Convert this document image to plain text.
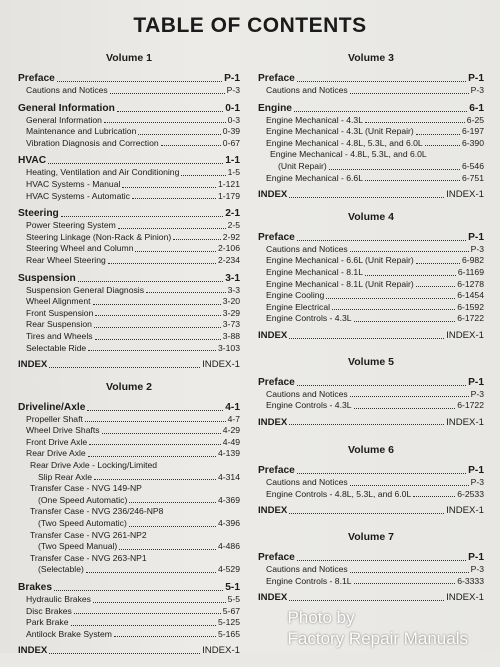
TABLE OF CONTENTS
Volume 1
Preface	P-1
Cautions and Notices	P-3
General Information	0-1
General Information	0-3
Maintenance and Lubrication	0-39
Vibration Diagnosis and Correction	0-67
HVAC	1-1
Heating, Ventilation and Air Conditioning	1-5
HVAC Systems - Manual	1-121
HVAC Systems - Automatic	1-179
Steering	2-1
Power Steering System	2-5
Steering Linkage (Non-Rack & Pinion)	2-92
Steering Wheel and Column	2-106
Rear Wheel Steering	2-234
Suspension	3-1
Suspension General Diagnosis	3-3
Wheel Alignment	3-20
Front Suspension	3-29
Rear Suspension	3-73
Tires and Wheels	3-88
Selectable Ride	3-103
INDEX	INDEX-1
Volume 2
Driveline/Axle	4-1
Propeller Shaft	4-7
Wheel Drive Shafts	4-29
Front Drive Axle	4-49
Rear Drive Axle	4-139
Rear Drive Axle - Locking/Limited
Slip Rear Axle	4-314
Transfer Case - NVG 149-NP
(One Speed Automatic)	4-369
Transfer Case - NVG 236/246-NP8
(Two Speed Automatic)	4-396
Transfer Case - NVG 261-NP2
(Two Speed Manual)	4-486
Transfer Case - NVG 263-NP1
(Selectable)	4-529
Brakes	5-1
Hydraulic Brakes	5-5
Disc Brakes	5-67
Park Brake	5-125
Antilock Brake System	5-165
INDEX	INDEX-1
Volume 3
Preface	P-1
Cautions and Notices	P-3
Engine	6-1
Engine Mechanical - 4.3L	6-25
Engine Mechanical - 4.3L (Unit Repair)	6-197
Engine Mechanical - 4.8L, 5.3L, and 6.0L	6-390
Engine Mechanical - 4.8L, 5.3L, and 6.0L
(Unit Repair)	6-546
Engine Mechanical - 6.6L	6-751
INDEX	INDEX-1
Volume 4
Preface	P-1
Cautions and Notices	P-3
Engine Mechanical - 6.6L (Unit Repair)	6-982
Engine Mechanical - 8.1L	6-1169
Engine Mechanical - 8.1L (Unit Repair)	6-1278
Engine Cooling	6-1454
Engine Electrical	6-1592
Engine Controls - 4.3L	6-1722
INDEX	INDEX-1
Volume 5
Preface	P-1
Cautions and Notices	P-3
Engine Controls - 4.3L	6-1722
INDEX	INDEX-1
Volume 6
Preface	P-1
Cautions and Notices	P-3
Engine Controls - 4.8L, 5.3L, and 6.0L	6-2533
INDEX	INDEX-1
Volume 7
Preface	P-1
Cautions and Notices	P-3
Engine Controls - 8.1L	6-3333
INDEX	INDEX-1
Photo by
Factory Repair Manuals
